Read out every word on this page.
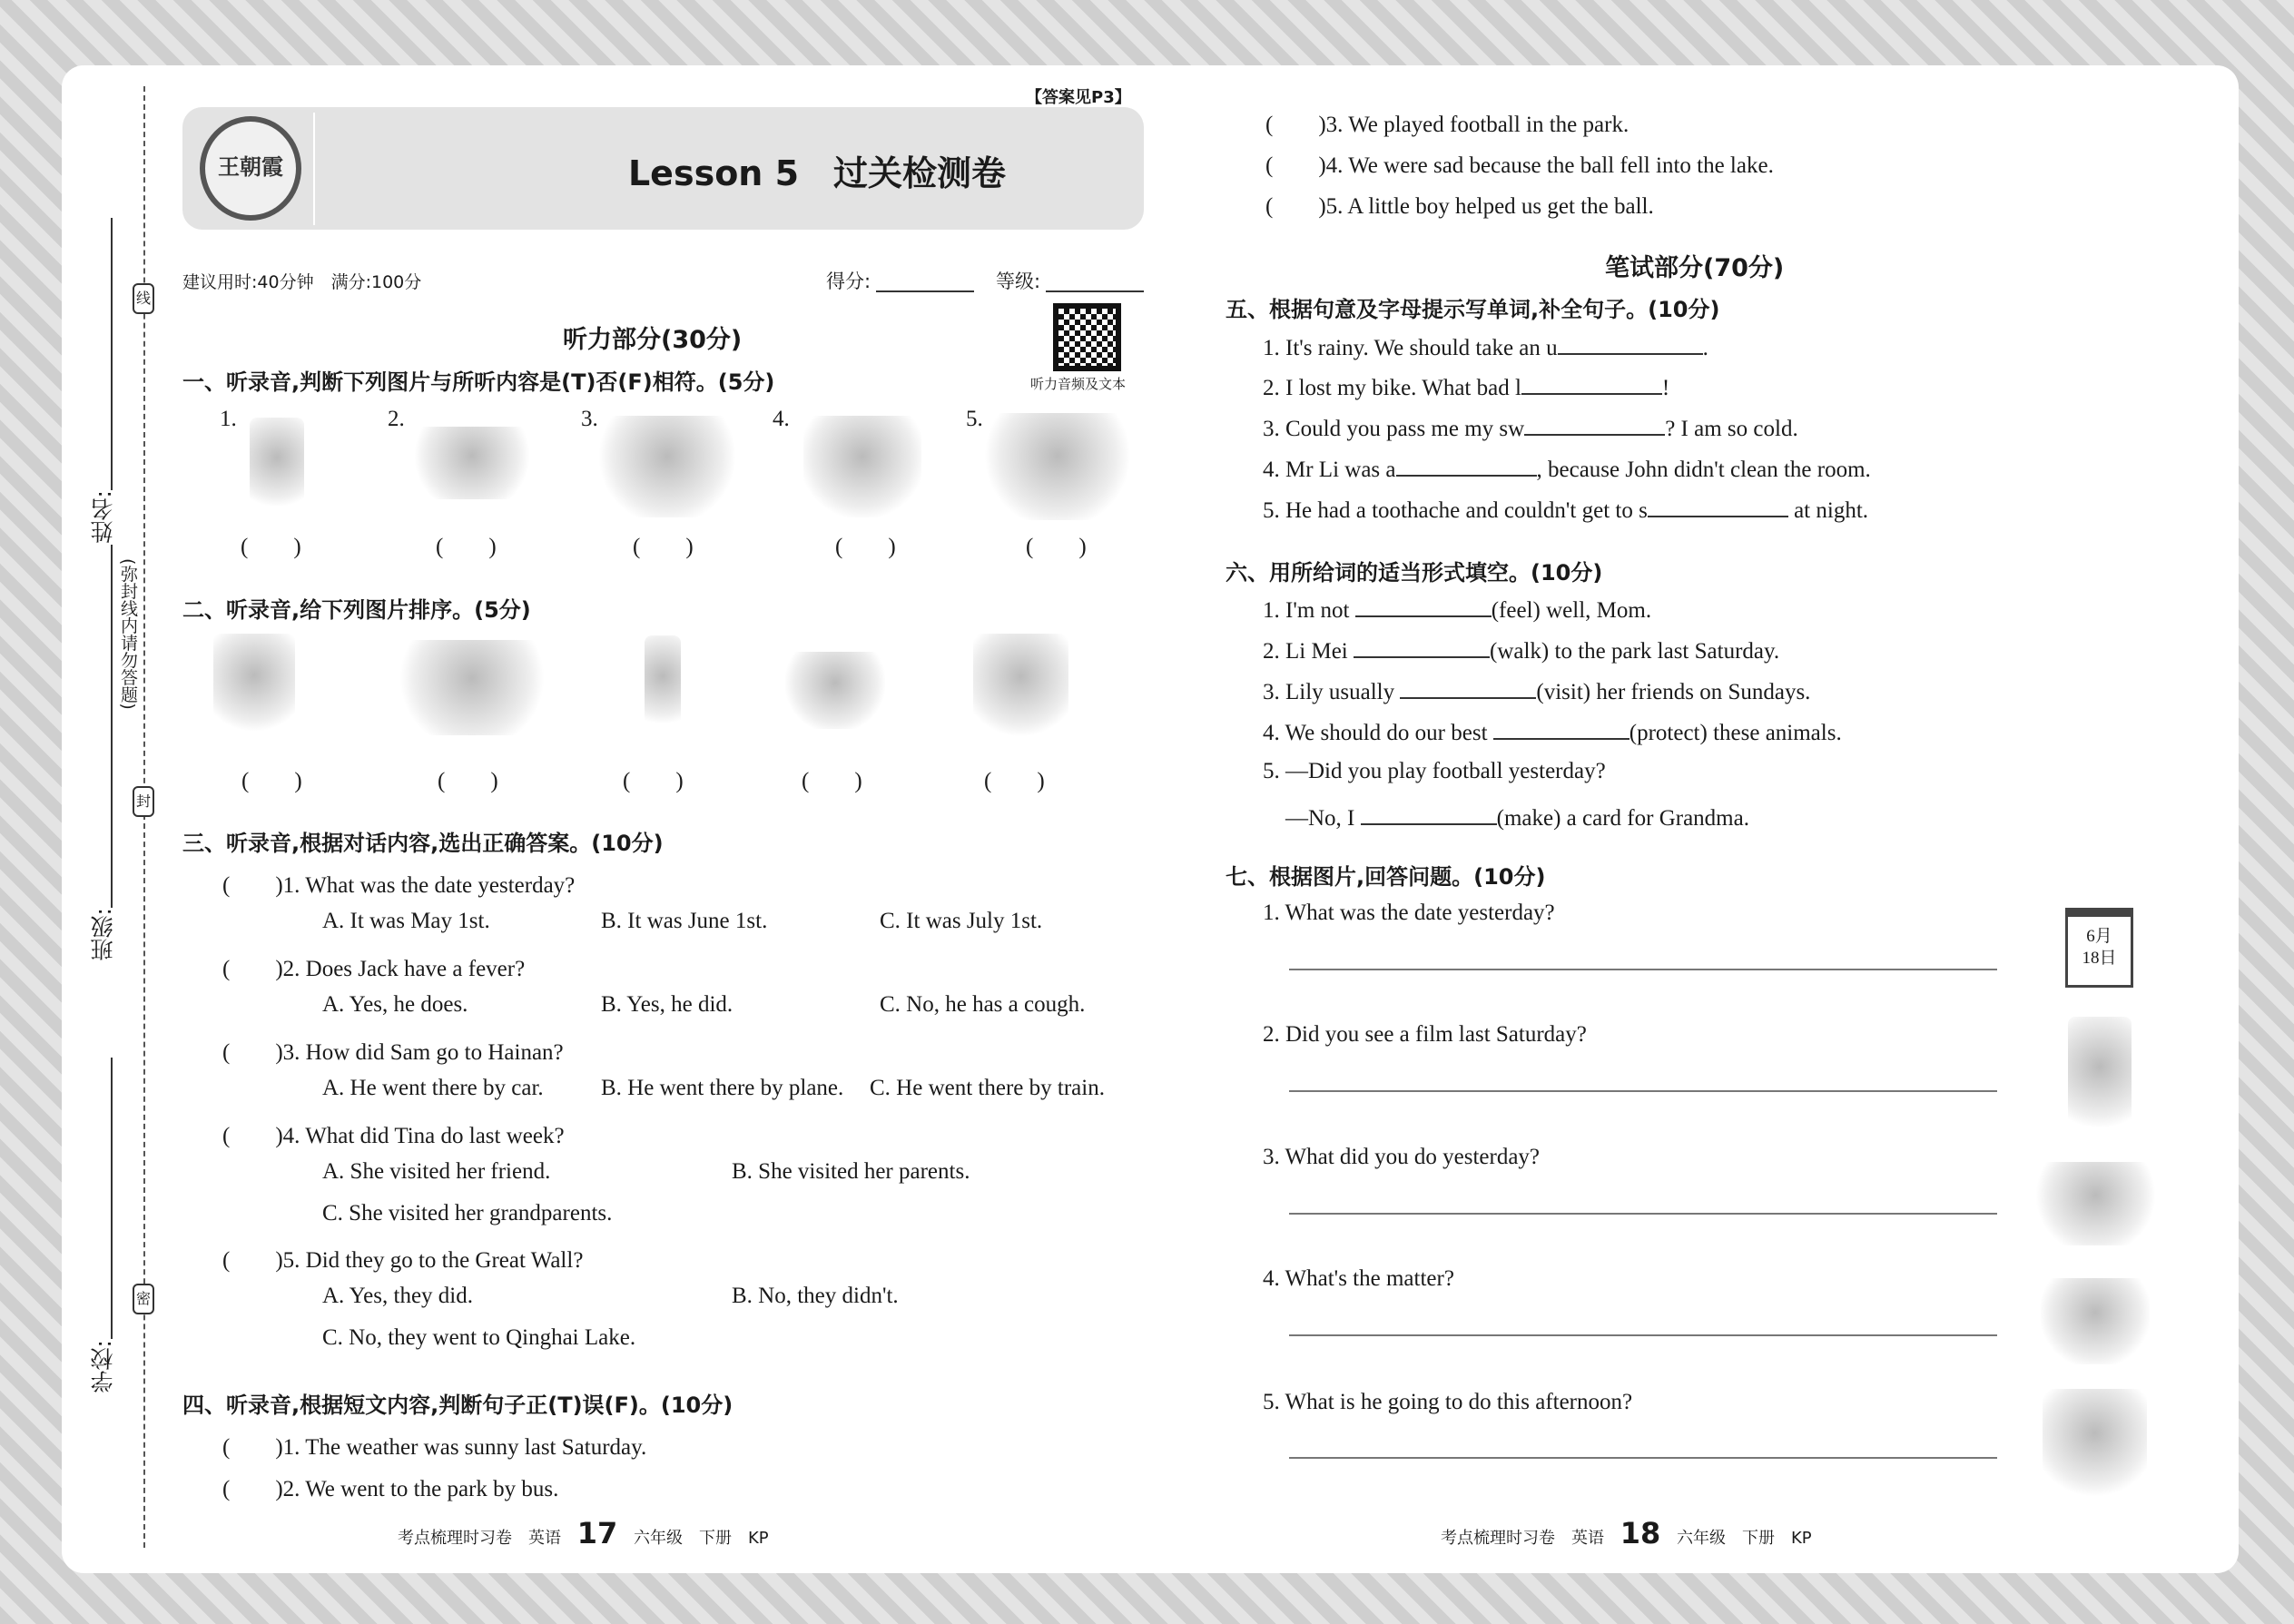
线
封
密
(弥封线内请勿答题)
姓名:
班级:
学校:
【答案见P3】
王朝霞	Lesson 5　过关检测卷
建议用时:40分钟　满分:100分	得分:	等级:
听力音频及文本
听力部分(30分)
一、听录音,判断下列图片与所听内容是(T)否(F)相符。(5分)
1.	2.	3.	4.	5.
(　　)	(　　)	(　　)	(　　)	(　　)
二、听录音,给下列图片排序。(5分)
(　　)	(　　)	(　　)	(　　)	(　　)
三、听录音,根据对话内容,选出正确答案。(10分)
(　　)1. What was the date yesterday?
A. It was May 1st.	B. It was June 1st.	C. It was July 1st.
(　　)2. Does Jack have a fever?
A. Yes, he does.	B. Yes, he did.	C. No, he has a cough.
(　　)3. How did Sam go to Hainan?
A. He went there by car.	B. He went there by plane. C. He went there by train.
(　　)4. What did Tina do last week?
A. She visited her friend.	B. She visited her parents.
C. She visited her grandparents.
(　　)5. Did they go to the Great Wall?
A. Yes, they did.	B. No, they didn't.
C. No, they went to Qinghai Lake.
四、听录音,根据短文内容,判断句子正(T)误(F)。(10分)
(　　)1. The weather was sunny last Saturday.
(　　)2. We went to the park by bus.
(　　)3. We played football in the park.
(　　)4. We were sad because the ball fell into the lake.
(　　)5. A little boy helped us get the ball.
笔试部分(70分)
五、根据句意及字母提示写单词,补全句子。(10分)
1. It's rainy. We should take an u	.
2. I lost my bike. What bad l	!
3. Could you pass me my sw	? I am so cold.
4. Mr Li was a	, because John didn't clean the room.
5. He had a toothache and couldn't get to s	at night.
六、用所给词的适当形式填空。(10分)
1. I'm not	(feel) well, Mom.
2. Li Mei	(walk) to the park last Saturday.
3. Lily usually	(visit) her friends on Sundays.
4. We should do our best	(protect) these animals.
5. —Did you play football yesterday?
　—No, I	(make) a card for Grandma.
七、根据图片,回答问题。(10分)
1. What was the date yesterday?
2. Did you see a film last Saturday?
3. What did you do yesterday?
4. What's the matter?
5. What is he going to do this afternoon?
6月
18日
考点梳理时习卷　英语 17 六年级　下册　KP	考点梳理时习卷　英语 18 六年级　下册　KP
